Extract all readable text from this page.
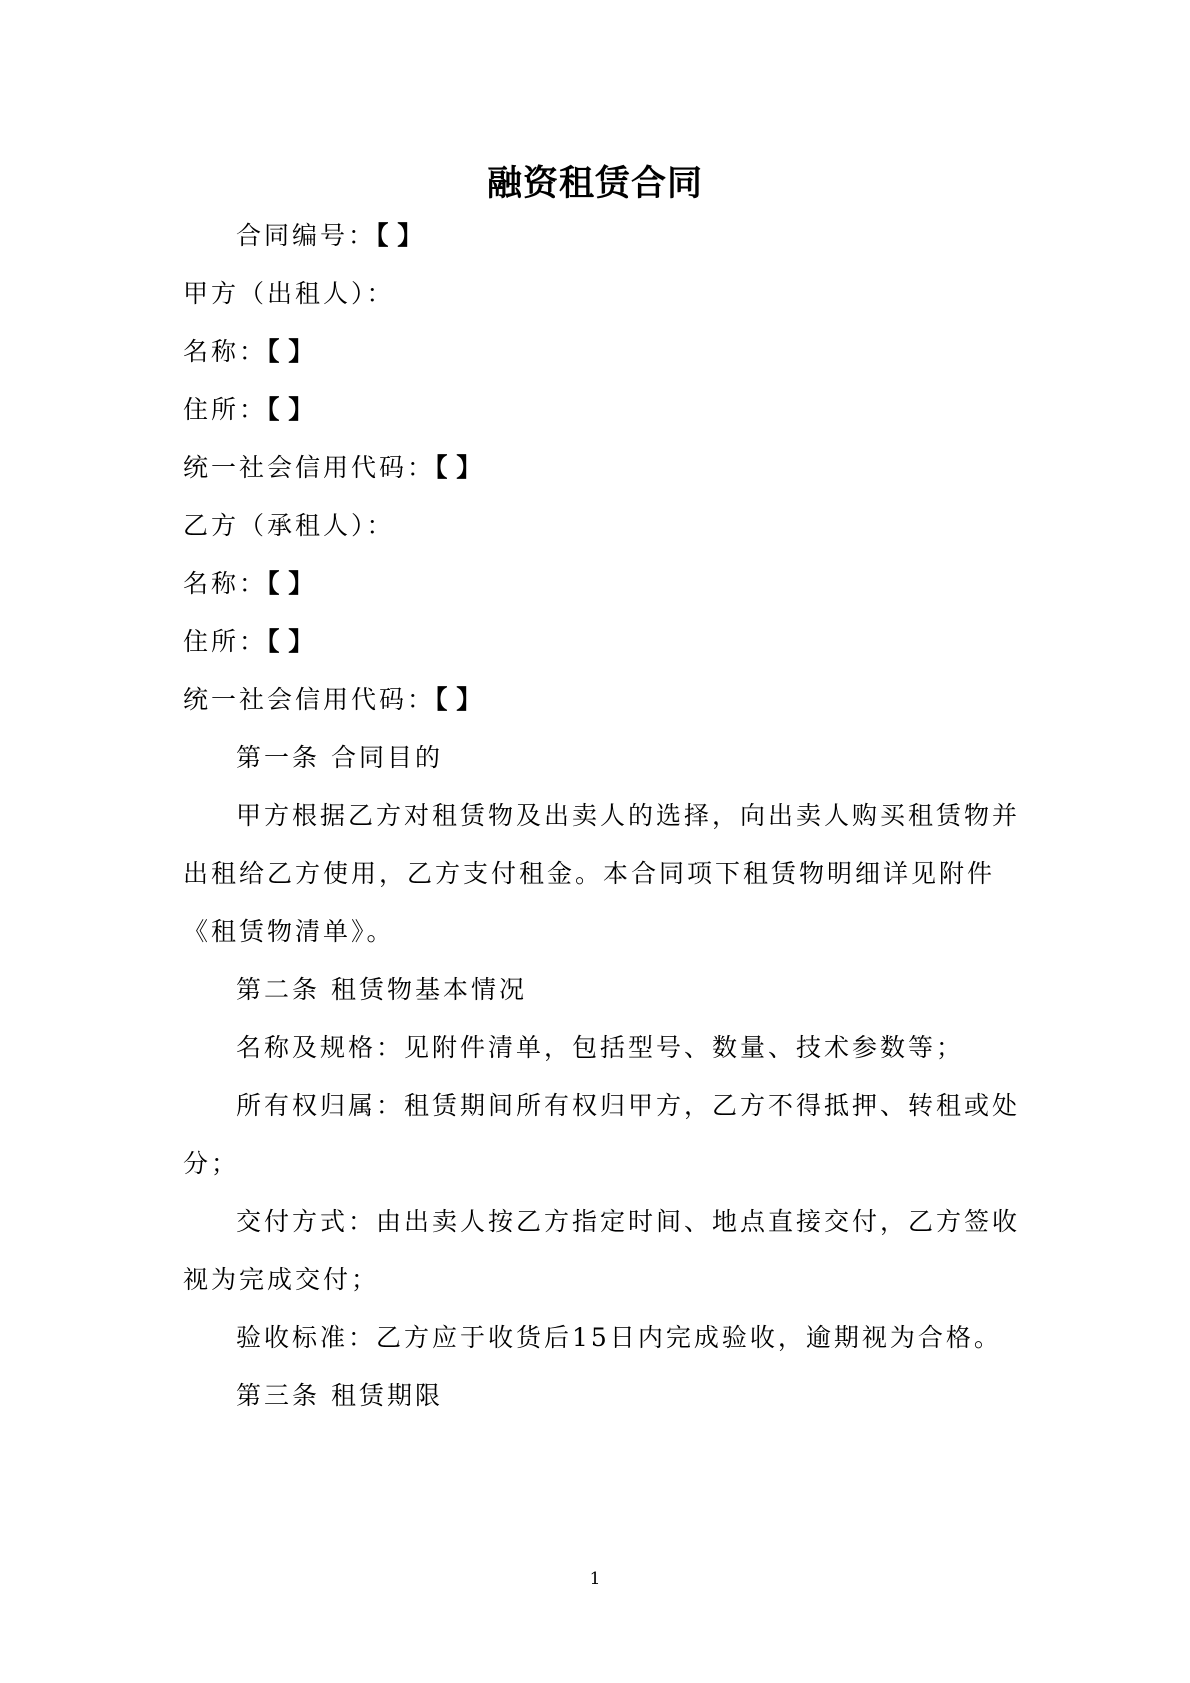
融资租赁合同
合同编号：【 】
甲方（出租人）：
名称：【 】
住所：【 】
统一社会信用代码：【 】
乙方（承租人）：
名称：【 】
住所：【 】
统一社会信用代码：【 】
第一条 合同目的
甲方根据乙方对租赁物及出卖人的选择，向出卖人购买租赁物并
出租给乙方使用，乙方支付租金。本合同项下租赁物明细详见附件
《租赁物清单》。
第二条 租赁物基本情况
名称及规格：见附件清单，包括型号、数量、技术参数等；
所有权归属：租赁期间所有权归甲方，乙方不得抵押、转租或处
分；
交付方式：由出卖人按乙方指定时间、地点直接交付，乙方签收
视为完成交付；
验收标准：乙方应于收货后15日内完成验收，逾期视为合格。
第三条 租赁期限
1
